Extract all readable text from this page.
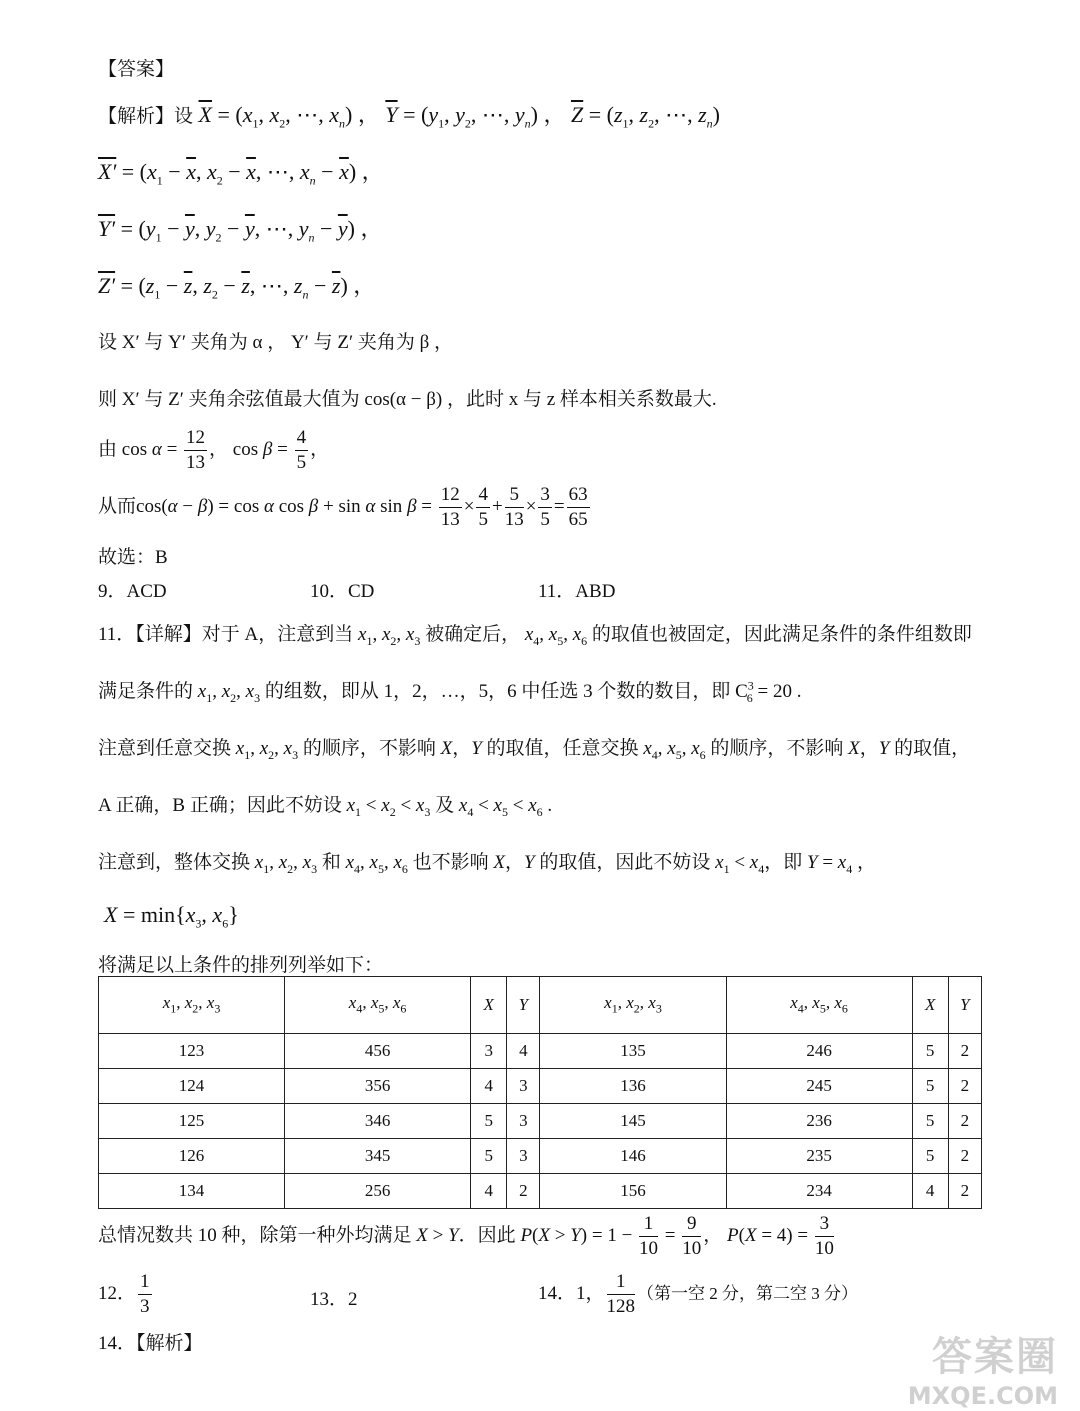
【答案】
【解析】设 $\overline{X} = (x_1$, $x_2$, ⋯, $x_n$) ， $\overline{Y} = (y_1$, $y_2$, ⋯, $y_n$) ， $\overline{Z} = (z_1$, $z_2$, ⋯, $z_n$)
$X' = (x_1 - \overline{x}$, $x_2 - \overline{x}$, ⋯, $x_n - \overline{x}$) ，
$Y' = (y_1 - \overline{y}$, $y_2 - \overline{y}$, ⋯, $y_n - \overline{y}$) ，
$Z' = (z_1 - \overline{z}$, $z_2 - \overline{z}$, ⋯, $z_n - \overline{z}$) ，
设 X′ 与 Y′ 夹角为 α ， Y′ 与 Z′ 夹角为 β ，
则 X′ 与 Z′ 夹角余弦值最大值为 cos(α − β) ，此时 x 与 z 样本相关系数最大.
由 $\cos \alpha = \frac{12}{13}$ ， $\cos \beta = \frac{4}{5}$ ，
从而cos(α − β) = cos α cos β + sin α $\sin \beta = \frac{12}{13} \times \frac{4}{5} + \frac{5}{13} \times \frac{3}{5} = \frac{63}{65}$
故选：B
9．ACD	10．CD	11．ABD
11．【详解】对于 A，注意到当 $x_1$, $x_2$, $x_3$ 被确定后， $x_4$, $x_5$, $x_6$ 的取值也被固定，因此满足条件的条件组数即
满足条件的 $x_1$, $x_2$, $x_3$ 的组数，即从 1，2，…，5，6 中任选 3 个数的数目，即 $C^3_6 = 20$ .
注意到任意交换 $x_1$, $x_2$, $x_3$ 的顺序，不影响 X，Y 的取值，任意交换 $x_4$, $x_5$, $x_6$ 的顺序，不影响 X，Y 的取值，
A 正确，B 正确；因此不妨设 $x_1 < x_2 < x_3$ 及 $x_4 < x_5 < x_6$ .
注意到，整体交换 $x_1$, $x_2$, $x_3$ 和 $x_4$, $x_5$, $x_6$ 也不影响 X，Y 的取值，因此不妨设 $x_1 < x_4$，即 $Y = x_4$ ，
$X = \min\{x_3$, $x_6$}
将满足以上条件的排列列举如下：
$x_1$, $x_2$, $x_3$	$x_4$, $x_5$, $x_6$	X	Y	$x_1$, $x_2$, $x_3$	$x_4$, $x_5$, $x_6$	X	Y
123	456	3	4	135	246	5	2
124	356	4	3	136	245	5	2
125	346	5	3	145	236	5	2
126	345	5	3	146	235	5	2
134	256	4	2	156	234	4	2
总情况数共 10 种，除第一种外均满足 X > Y．因此 $P(X > Y) = 1 - \frac{1}{10} = \frac{9}{10}$ ， $P(X = 4) = \frac{3}{10}$
12． $\frac{1}{3}$	13．2	14．1， $\frac{1}{128}$ （第一空 2 分，第二空 3 分）
14．【解析】	答案圈
MXQE.COM
